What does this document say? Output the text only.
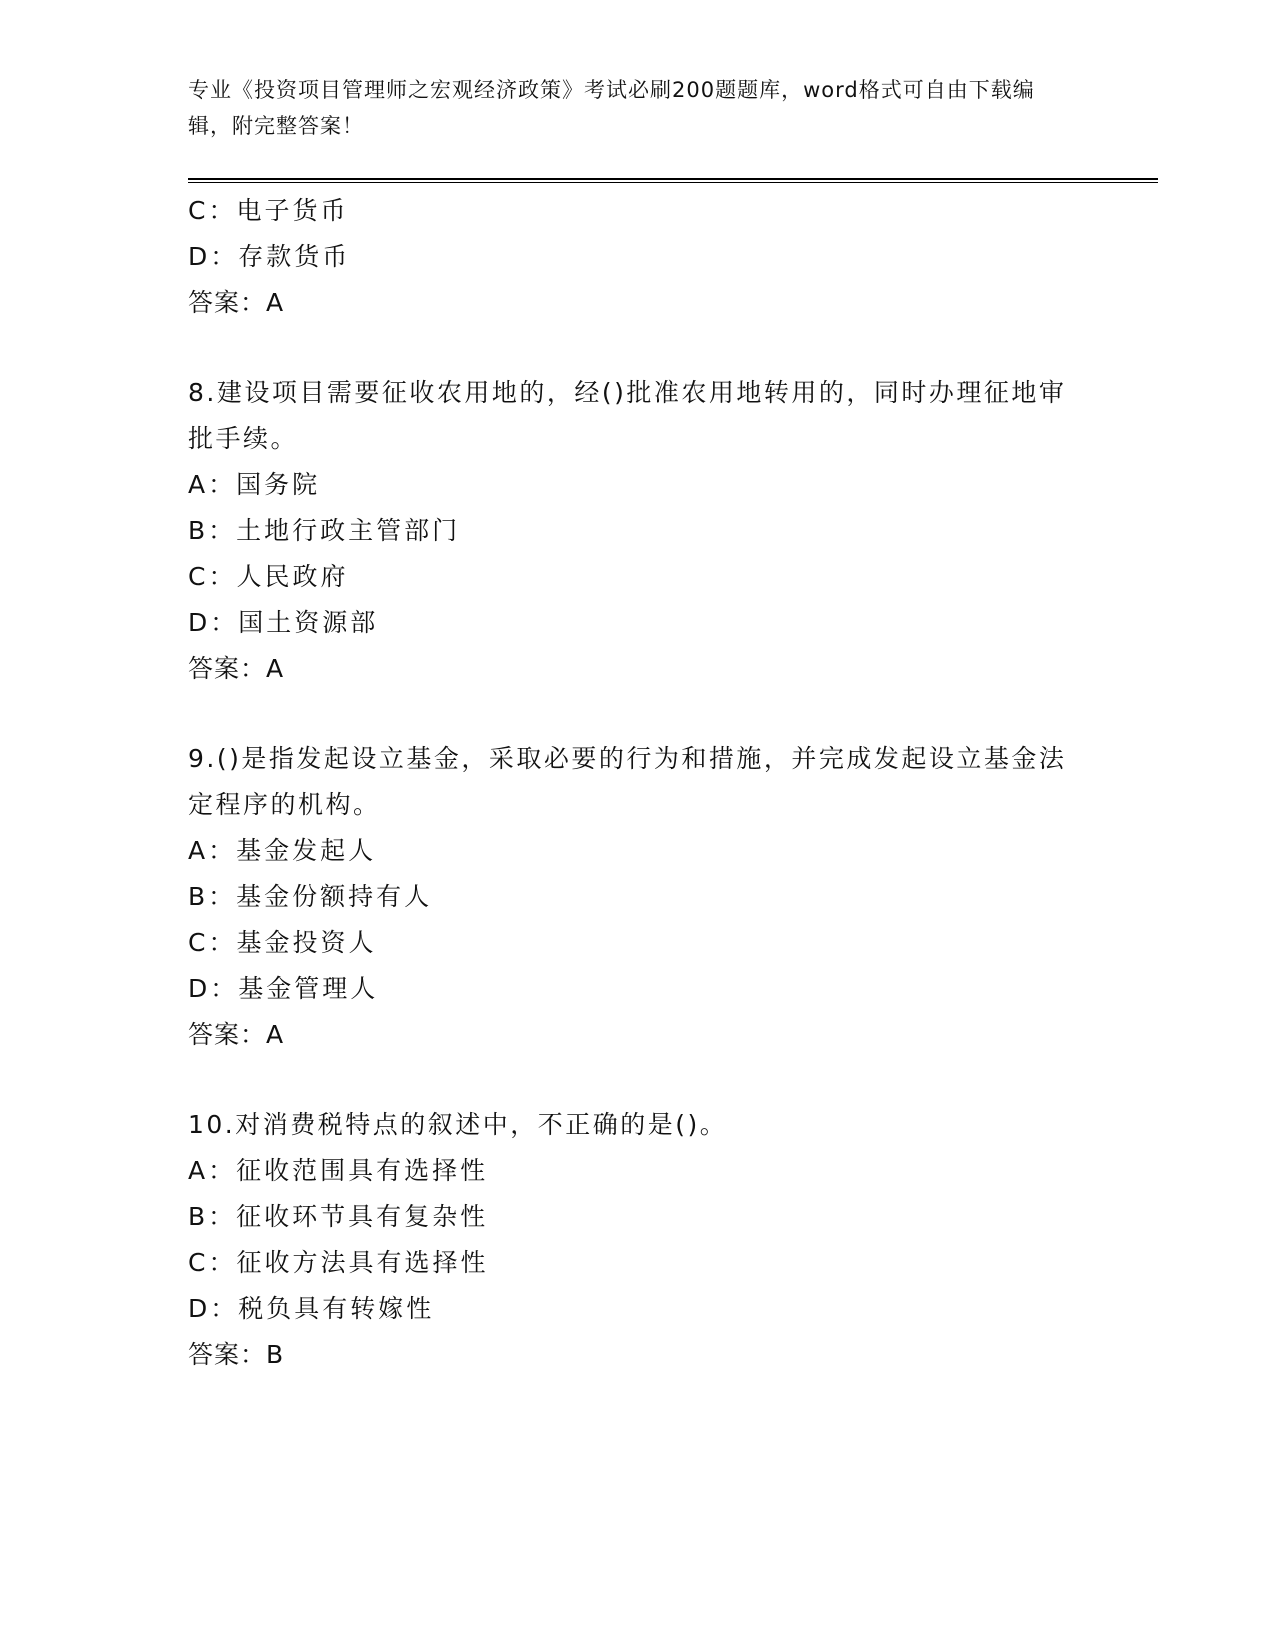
专业《投资项目管理师之宏观经济政策》考试必刷200题题库，word格式可自由下载编辑，附完整答案！
C：电子货币
D：存款货币
答案：A
8.建设项目需要征收农用地的，经()批准农用地转用的，同时办理征地审批手续。
A：国务院
B：土地行政主管部门
C：人民政府
D：国土资源部
答案：A
9.()是指发起设立基金，采取必要的行为和措施，并完成发起设立基金法定程序的机构。
A：基金发起人
B：基金份额持有人
C：基金投资人
D：基金管理人
答案：A
10.对消费税特点的叙述中，不正确的是()。
A：征收范围具有选择性
B：征收环节具有复杂性
C：征收方法具有选择性
D：税负具有转嫁性
答案：B
